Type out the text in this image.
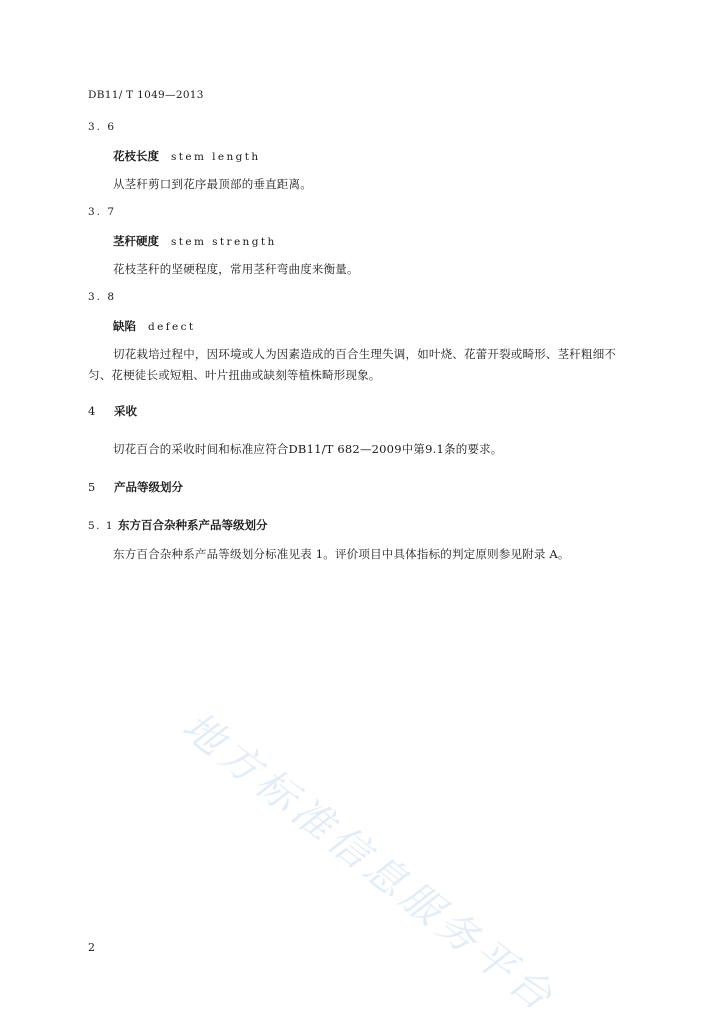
DB11/ T 1049—2013
3. 6
花枝长度 stem length
从茎秆剪口到花序最顶部的垂直距离。
3. 7
茎秆硬度 stem strength
花枝茎秆的坚硬程度，常用茎秆弯曲度来衡量。
3. 8
缺陷 defect
切花栽培过程中，因环境或人为因素造成的百合生理失调，如叶烧、花蕾开裂或畸形、茎秆粗细不
匀、花梗徒长或短粗、叶片扭曲或缺刻等植株畸形现象。
4 采收
切花百合的采收时间和标准应符合DB11/T 682—2009中第9.1条的要求。
5 产品等级划分
5. 1 东方百合杂种系产品等级划分
东方百合杂种系产品等级划分标准见表 1。评价项目中具体指标的判定原则参见附录 A。
地方标准信息服务平台
2
